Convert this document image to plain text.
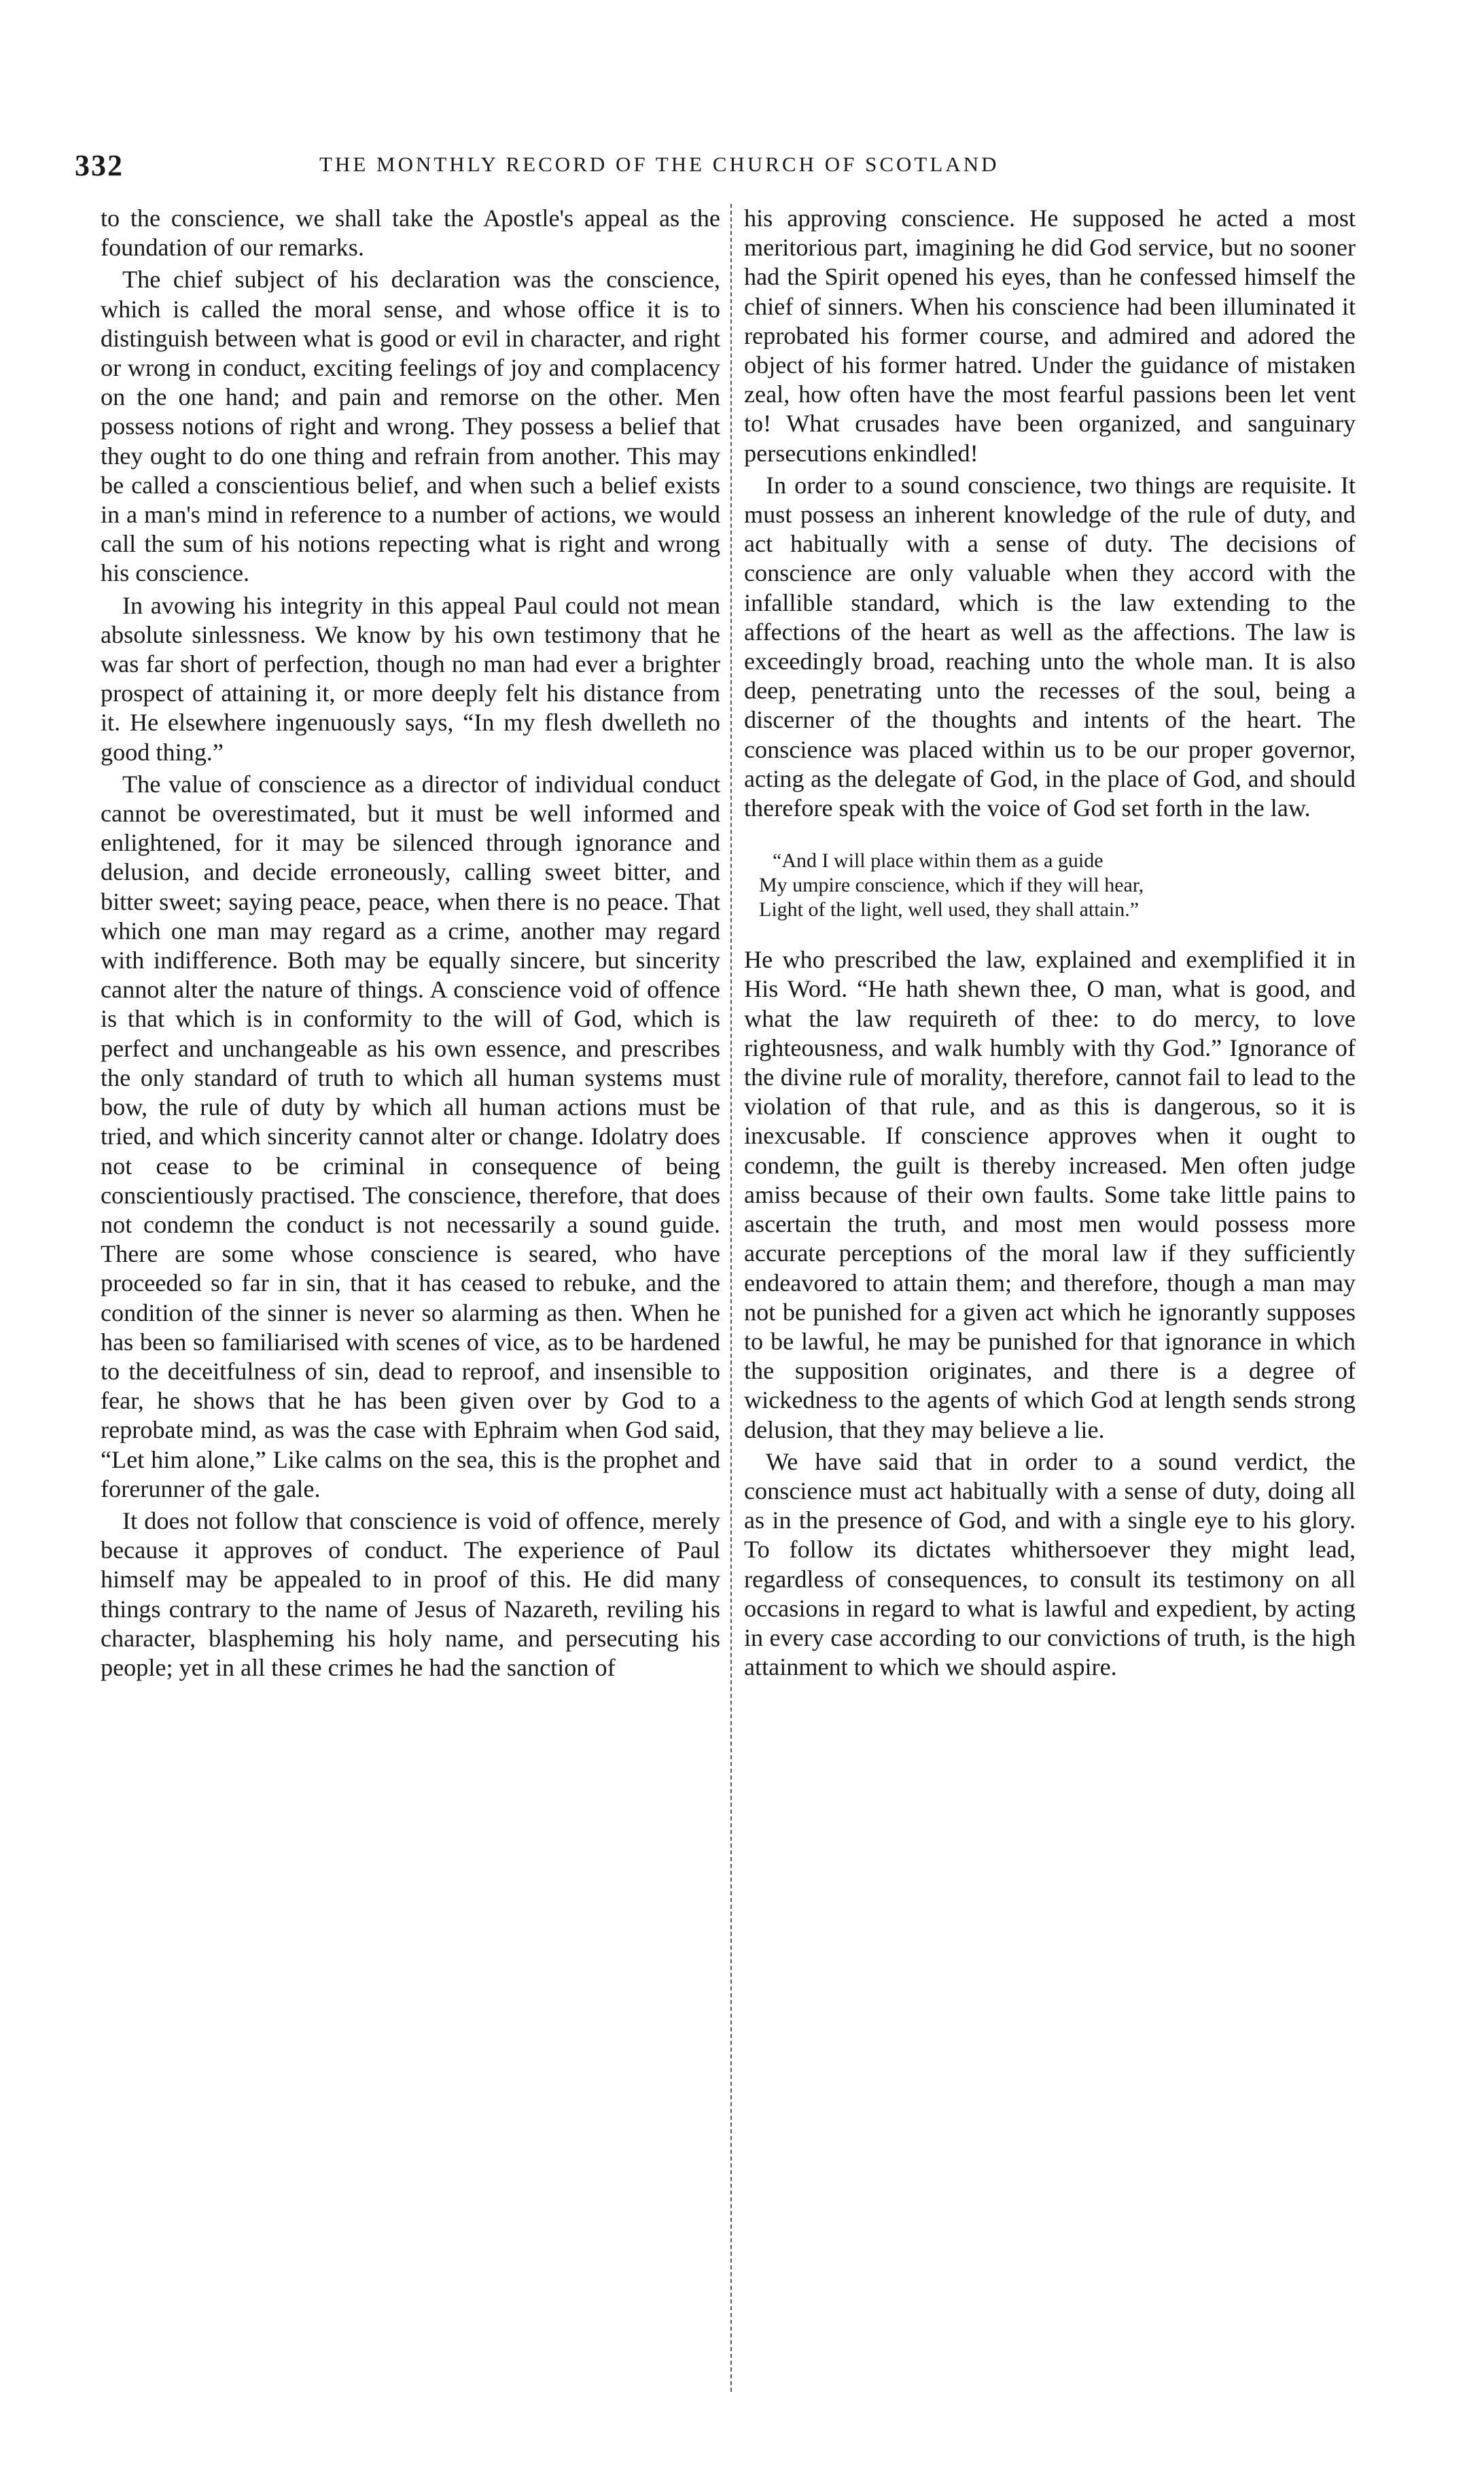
332	THE MONTHLY RECORD OF THE CHURCH OF SCOTLAND

to the conscience, we shall take the Apostle's appeal as the foundation of our remarks.

The chief subject of his declaration was the conscience, which is called the moral sense, and whose office it is to distinguish between what is good or evil in character, and right or wrong in conduct, exciting feelings of joy and complacency on the one hand; and pain and remorse on the other. Men possess notions of right and wrong. They possess a belief that they ought to do one thing and refrain from another. This may be called a conscientious belief, and when such a belief exists in a man's mind in reference to a number of actions, we would call the sum of his notions repecting what is right and wrong his conscience.

In avowing his integrity in this appeal Paul could not mean absolute sinlessness. We know by his own testimony that he was far short of perfection, though no man had ever a brighter prospect of attaining it, or more deeply felt his distance from it. He elsewhere ingenuously says, “In my flesh dwelleth no good thing.”

The value of conscience as a director of individual conduct cannot be overestimated, but it must be well informed and enlightened, for it may be silenced through ignorance and delusion, and decide erroneously, calling sweet bitter, and bitter sweet; saying peace, peace, when there is no peace. That which one man may regard as a crime, another may regard with indifference. Both may be equally sincere, but sincerity cannot alter the nature of things. A conscience void of offence is that which is in conformity to the will of God, which is perfect and unchangeable as his own essence, and prescribes the only standard of truth to which all human systems must bow, the rule of duty by which all human actions must be tried, and which sincerity cannot alter or change. Idolatry does not cease to be criminal in consequence of being conscientiously practised. The conscience, therefore, that does not condemn the conduct is not necessarily a sound guide. There are some whose conscience is seared, who have proceeded so far in sin, that it has ceased to rebuke, and the condition of the sinner is never so alarming as then. When he has been so familiarised with scenes of vice, as to be hardened to the deceitfulness of sin, dead to reproof, and insensible to fear, he shows that he has been given over by God to a reprobate mind, as was the case with Ephraim when God said, “Let him alone,” Like calms on the sea, this is the prophet and forerunner of the gale.

It does not follow that conscience is void of offence, merely because it approves of conduct. The experience of Paul himself may be appealed to in proof of this. He did many things contrary to the name of Jesus of Nazareth, reviling his character, blaspheming his holy name, and persecuting his people; yet in all these crimes he had the sanction of

his approving conscience. He supposed he acted a most meritorious part, imagining he did God service, but no sooner had the Spirit opened his eyes, than he confessed himself the chief of sinners. When his conscience had been illuminated it reprobated his former course, and admired and adored the object of his former hatred. Under the guidance of mistaken zeal, how often have the most fearful passions been let vent to! What crusades have been organized, and sanguinary persecutions enkindled!

In order to a sound conscience, two things are requisite. It must possess an inherent knowledge of the rule of duty, and act habitually with a sense of duty. The decisions of conscience are only valuable when they accord with the infallible standard, which is the law extending to the affections of the heart as well as the affections. The law is exceedingly broad, reaching unto the whole man. It is also deep, penetrating unto the recesses of the soul, being a discerner of the thoughts and intents of the heart. The conscience was placed within us to be our proper governor, acting as the delegate of God, in the place of God, and should therefore speak with the voice of God set forth in the law.

“And I will place within them as a guide
My umpire conscience, which if they will hear,
Light of the light, well used, they shall attain.”

He who prescribed the law, explained and exemplified it in His Word. “He hath shewn thee, O man, what is good, and what the law requireth of thee: to do mercy, to love righteousness, and walk humbly with thy God.” Ignorance of the divine rule of morality, therefore, cannot fail to lead to the violation of that rule, and as this is dangerous, so it is inexcusable. If conscience approves when it ought to condemn, the guilt is thereby increased. Men often judge amiss because of their own faults. Some take little pains to ascertain the truth, and most men would possess more accurate perceptions of the moral law if they sufficiently endeavored to attain them; and therefore, though a man may not be punished for a given act which he ignorantly supposes to be lawful, he may be punished for that ignorance in which the supposition originates, and there is a degree of wickedness to the agents of which God at length sends strong delusion, that they may believe a lie.

We have said that in order to a sound verdict, the conscience must act habitually with a sense of duty, doing all as in the presence of God, and with a single eye to his glory. To follow its dictates whithersoever they might lead, regardless of consequences, to consult its testimony on all occasions in regard to what is lawful and expedient, by acting in every case according to our convictions of truth, is the high attainment to which we should aspire.
